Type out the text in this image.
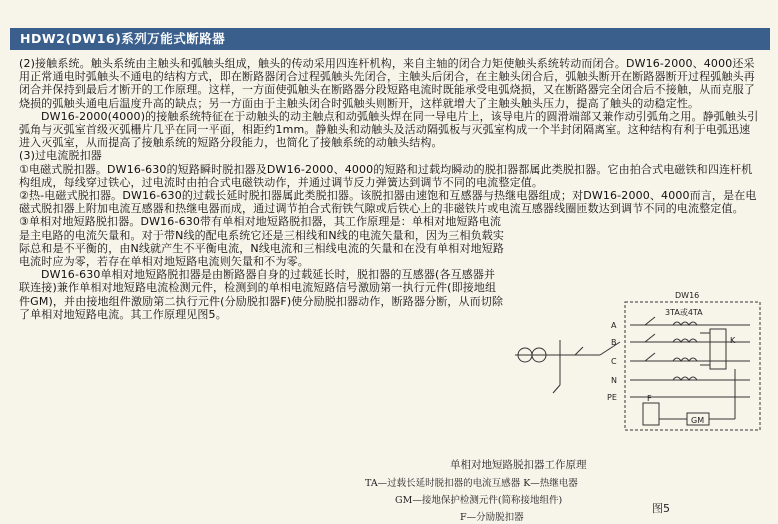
HDW2(DW16)系列万能式断路器

(2)接触系统。触头系统由主触头和弧触头组成，触头的传动采用四连杆机构，来自主轴的闭合力矩使触头系统转动而闭合。DW16-2000、4000还采用正常通电时弧触头不通电的结构方式，即在断路器闭合过程弧触头先闭合，主触头后闭合，在主触头闭合后，弧触头断开在断路器断开过程弧触头再闭合并保持到最后才断开的工作原理。这样，一方面使弧触头在断路器分段短路电流时既能承受电弧烧损，又在断路器完全闭合后不接触，从而克服了烧损的弧触头通电后温度升高的缺点；另一方面由于主触头闭合时弧触头则断开，这样就增大了主触头触头压力，提高了触头的动稳定性。

DW16-2000(4000)的接触系统特征在于动触头的动主触点和动弧触头焊在同一导电片上，该导电片的圆滑端部又兼作动引弧角之用。静弧触头引弧角与灭弧室首级灭弧栅片几乎在同一平面，相距约1mm。静触头和动触头及活动隔弧板与灭弧室构成一个半封闭隔离室。这种结构有利于电弧迅速进入灭弧室，从而提高了接触系统的短路分段能力，也简化了接触系统的动触头结构。

(3)过电流脱扣器

①电磁式脱扣器。DW16-630的短路瞬时脱扣器及DW16-2000、4000的短路和过载均瞬动的脱扣器都属此类脱扣器。它由拍合式电磁铁和四连杆机构组成，每线穿过铁心，过电流时由拍合式电磁铁动作，并通过调节反力弹簧达到调节不同的电流整定值。

②热-电磁式脱扣器。DW16-630的过载长延时脱扣器属此类脱扣器。该脱扣器由速饱和互感器与热继电器组成；对DW16-2000、4000而言，是在电磁式脱扣器上附加电流互感器和热继电器而成，通过调节拍合式衔铁气隙或后铁心上的非磁铁片或电流互感器线圈匝数达到调节不同的电流整定值。

③单相对地短路脱扣器。DW16-630带有单相对地短路脱扣器，其工作原理是：单相对地短路电流是主电路的电流矢量和。对于带N线的配电系统它还是三相线和N线的电流矢量和，因为三相负载实际总和是不平衡的，由N线就产生不平衡电流，N线电流和三相线电流的矢量和在没有单相对地短路电流时应为零，若存在单相对地短路电流则矢量和不为零。

DW16-630单相对地短路脱扣器是由断路器自身的过载延长时，脱扣器的互感器(各互感器并联连接)兼作单相对地短路电流检测元件，检测到的单相电流短路信号激励第一执行元件(即接地组件GM)，并由接地组件激励第二执行元件(分励脱扣器F)使分励脱扣器动作，断路器分断，从而切除了单相对地短路电流。其工作原理见图5。

DW16
3TA或4TA
K
A
B
C
N
PE	F
GM
单相对地短路脱扣器工作原理
TA—过载长延时脱扣器的电流互感器 K—热继电器
GM—接地保护检测元件(简称接地组件)
F—分励脱扣器
图5
